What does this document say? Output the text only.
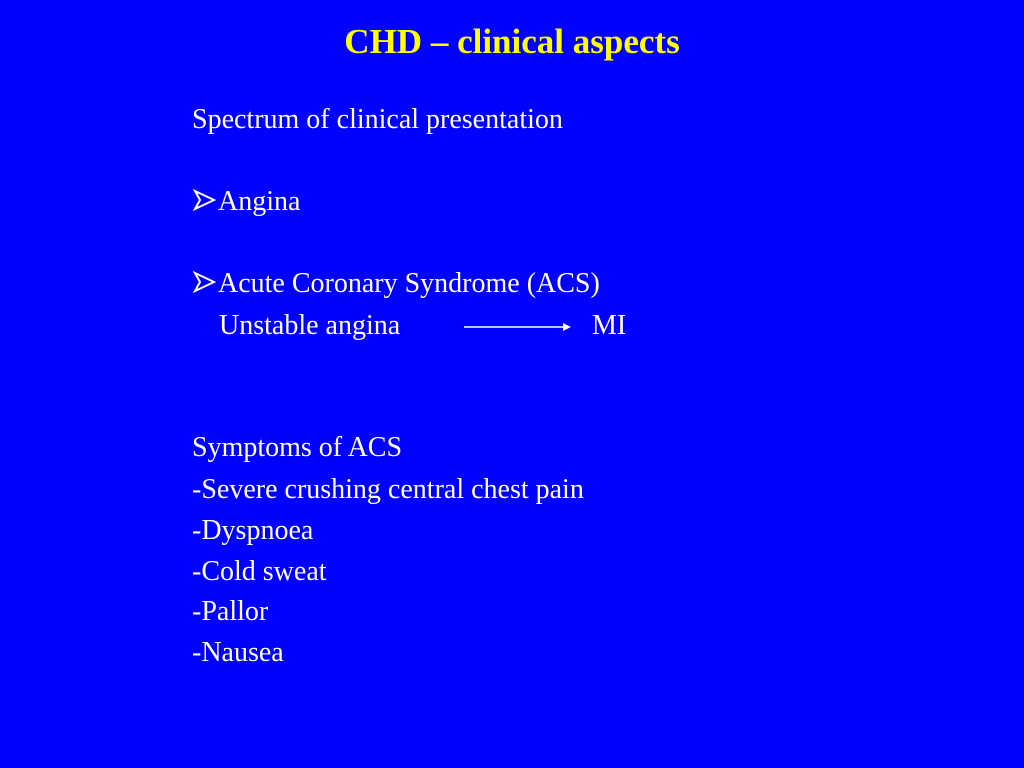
CHD – clinical aspects
Spectrum of clinical presentation
Angina
Acute Coronary Syndrome (ACS)
Unstable angina	MI
Symptoms of ACS
-Severe crushing central chest pain
-Dyspnoea
-Cold sweat
-Pallor
-Nausea
